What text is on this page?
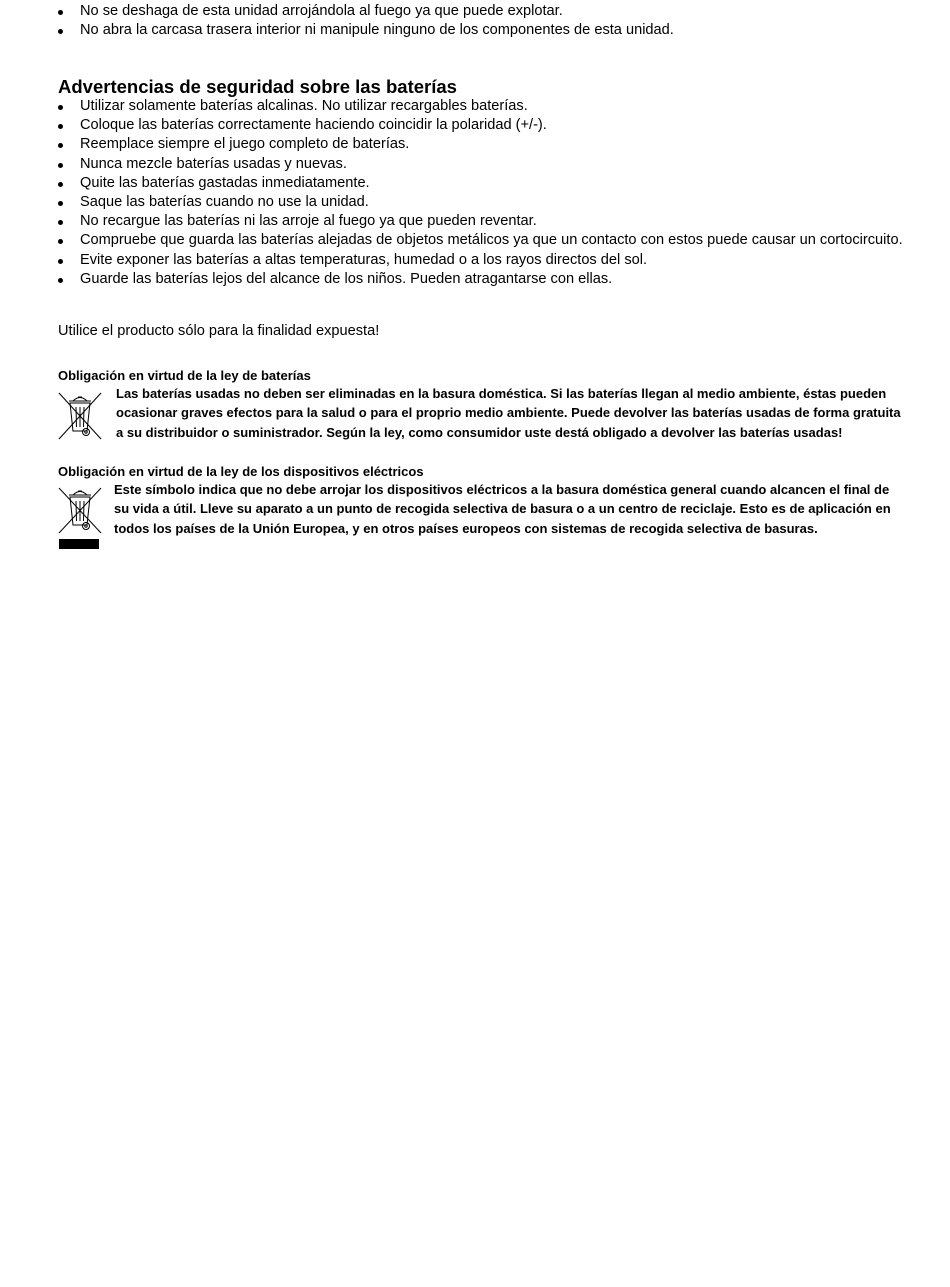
No se deshaga de esta unidad arrojándola al fuego ya que puede explotar.
No abra la carcasa trasera interior ni manipule ninguno de los componentes de esta unidad.
Advertencias de seguridad sobre las baterías
Utilizar solamente baterías alcalinas. No utilizar recargables baterías.
Coloque las baterías correctamente haciendo coincidir la polaridad (+/-).
Reemplace siempre el juego completo de baterías.
Nunca mezcle baterías usadas y nuevas.
Quite las baterías gastadas inmediatamente.
Saque las baterías cuando no use la unidad.
No recargue las baterías ni las arroje al fuego ya que pueden reventar.
Compruebe que guarda las baterías alejadas de objetos metálicos ya que un contacto con estos puede causar un cortocircuito.
Evite exponer las baterías a altas temperaturas, humedad o a los rayos directos del sol.
Guarde las baterías lejos del alcance de los niños. Pueden atragantarse con ellas.

Utilice el producto sólo para la finalidad expuesta!

Obligación en virtud de la ley de baterías

Las baterías usadas no deben ser eliminadas en la basura doméstica. Si las baterías llegan al medio ambiente, éstas pueden ocasionar graves efectos para la salud o para el proprio medio ambiente. Puede devolver las baterías usadas de forma gratuita a su distribuidor o suministrador. Según la ley, como consumidor uste destá obligado a devolver las baterías usadas!

Obligación en virtud de la ley de los dispositivos eléctricos

Este símbolo indica que no debe arrojar los dispositivos eléctricos a la basura doméstica general cuando alcancen el final de su vida a útil. Lleve su aparato a un punto de recogida selectiva de basura o a un centro de reciclaje. Esto es de aplicación en todos los países de la Unión Europea, y en otros países europeos con sistemas de recogida selectiva de basuras.
